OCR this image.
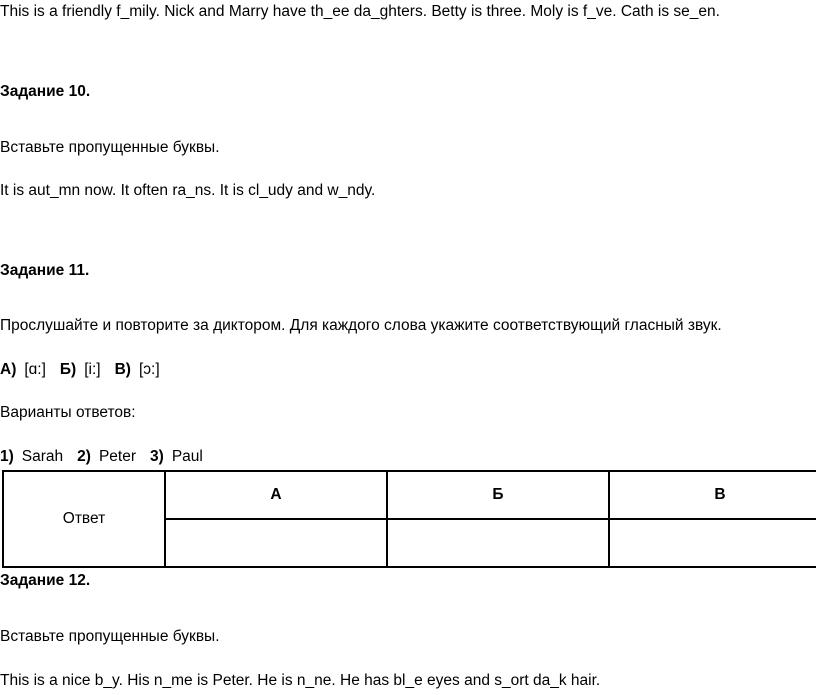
This is a friendly f_mily. Nick and Marry have th_ee da_ghters. Betty is three. Moly is f_ve. Cath is se_en.
Задание 10.
Вставьте пропущенные буквы.
It is aut_mn now. It often ra_ns. It is cl_udy and w_ndy.
Задание 11.
Прослушайте и повторите за диктором. Для каждого слова укажите соответствующий гласный звук.
А) [ɑ:] Б) [i:] В) [ɔ:]
Варианты ответов:
1) Sarah 2) Peter 3) Paul
Ответ	А	Б	В

Задание 12.
Вставьте пропущенные буквы.
This is a nice b_y. His n_me is Peter. He is n_ne. He has bl_e eyes and s_ort da_k hair.
